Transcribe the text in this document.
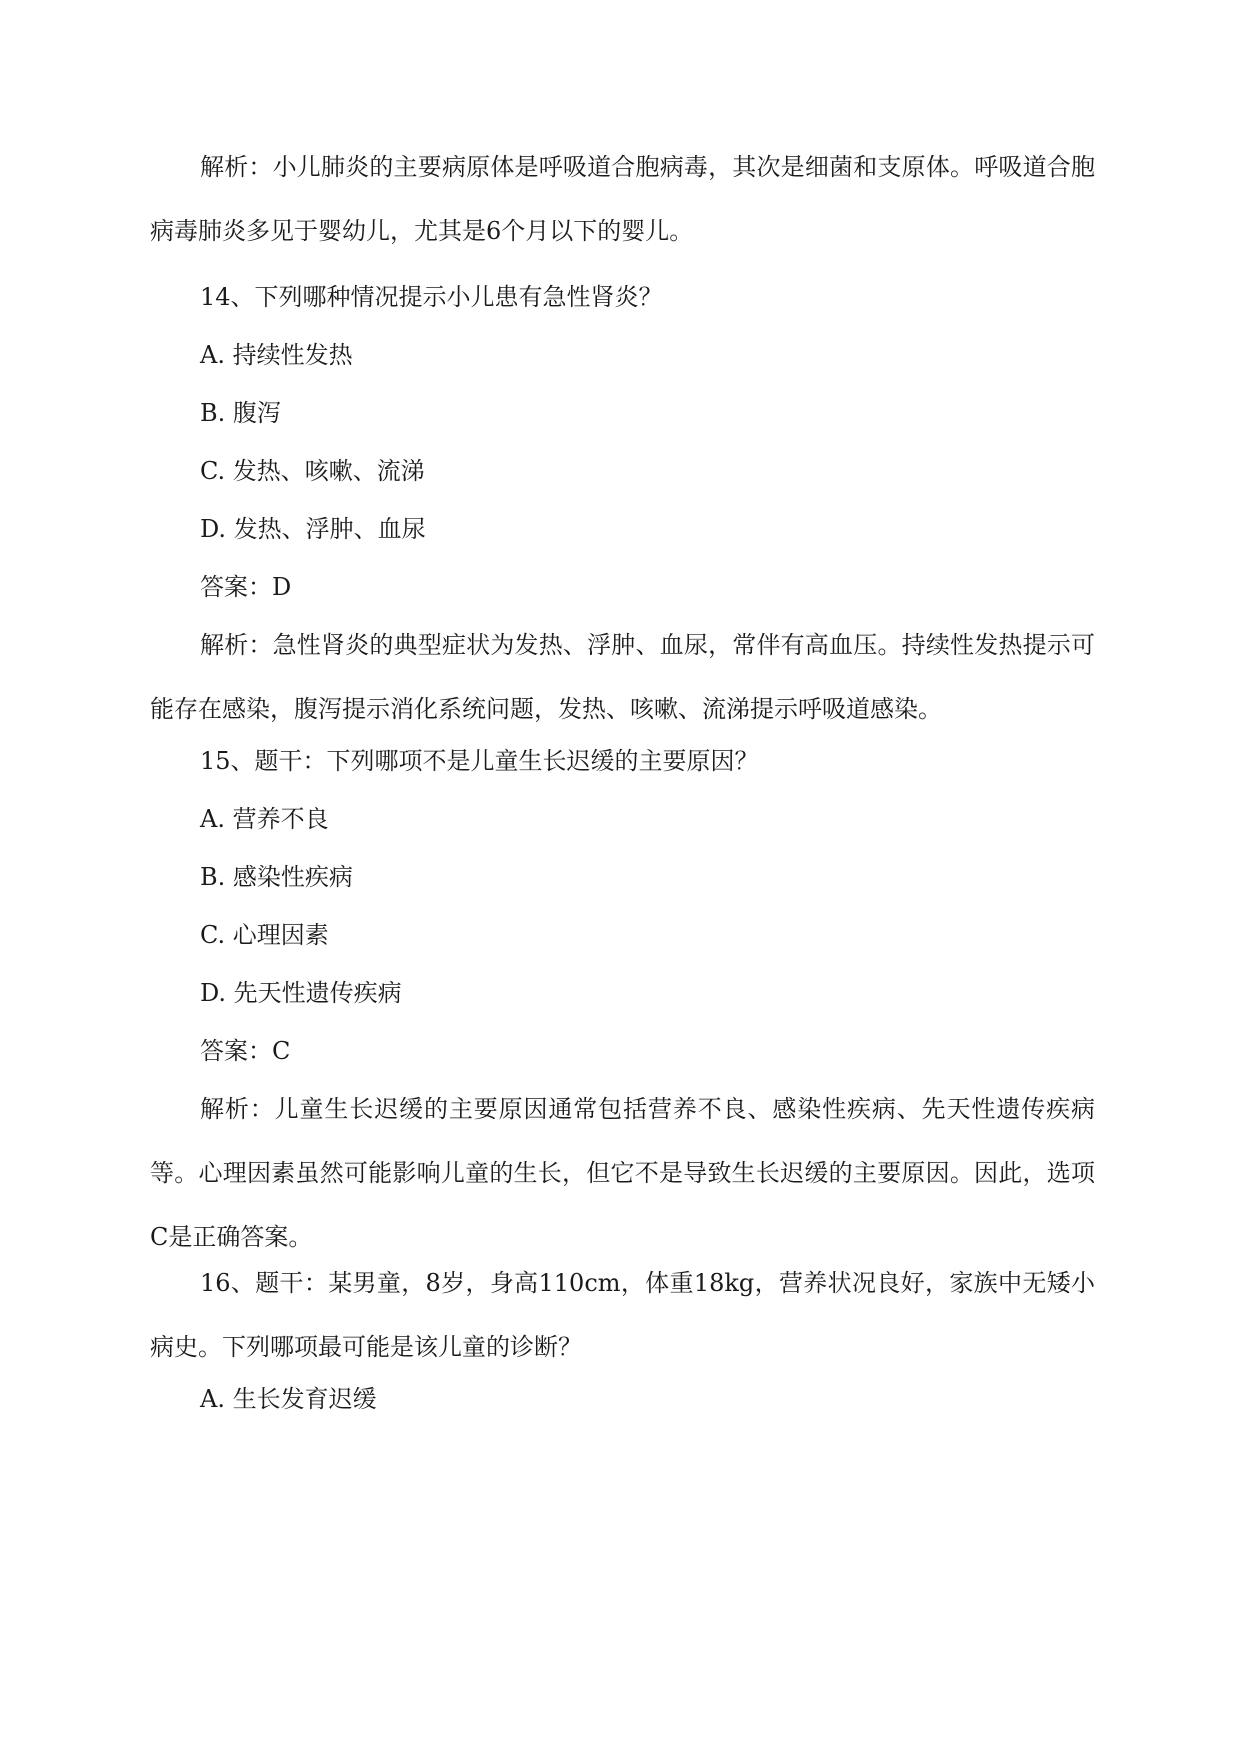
解析：小儿肺炎的主要病原体是呼吸道合胞病毒，其次是细菌和支原体。呼吸道合胞病毒肺炎多见于婴幼儿，尤其是6个月以下的婴儿。

14、下列哪种情况提示小儿患有急性肾炎？

A. 持续性发热

B. 腹泻

C. 发热、咳嗽、流涕

D. 发热、浮肿、血尿

答案：D

解析：急性肾炎的典型症状为发热、浮肿、血尿，常伴有高血压。持续性发热提示可能存在感染，腹泻提示消化系统问题，发热、咳嗽、流涕提示呼吸道感染。

15、题干：下列哪项不是儿童生长迟缓的主要原因？

A. 营养不良

B. 感染性疾病

C. 心理因素

D. 先天性遗传疾病

答案：C

解析：儿童生长迟缓的主要原因通常包括营养不良、感染性疾病、先天性遗传疾病等。心理因素虽然可能影响儿童的生长，但它不是导致生长迟缓的主要原因。因此，选项C是正确答案。

16、题干：某男童，8岁，身高110cm，体重18kg，营养状况良好，家族中无矮小病史。下列哪项最可能是该儿童的诊断？

A. 生长发育迟缓
